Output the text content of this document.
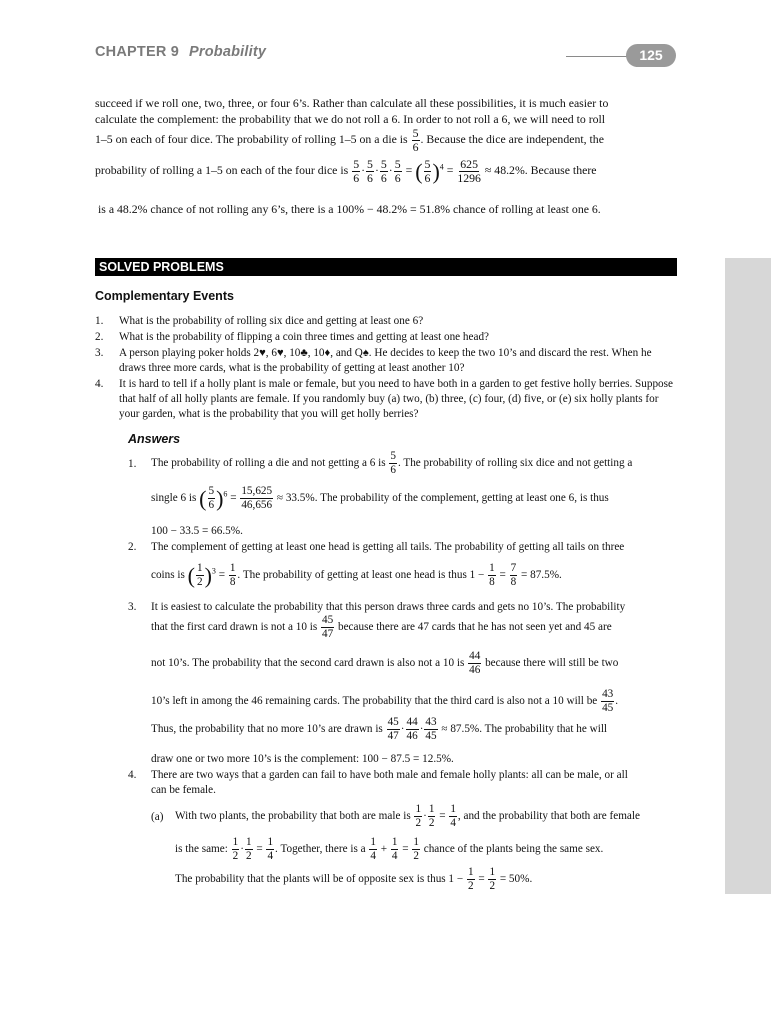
CHAPTER 9 Probability	125
succeed if we roll one, two, three, or four 6’s. Rather than calculate all these possibilities, it is much easier to
calculate the complement: the probability that we do not roll a 6. In order to not roll a 6, we will need to roll
1–5 on each of four dice. The probability of rolling 1–5 on a die is $\frac{5}{6}$ . Because the dice are independent, the
probability of rolling a 1–5 on each of the four dice is $\frac{5}{6} \cdot \frac{5}{6} \cdot \frac{5}{6} \cdot \frac{5}{6}$ = ( $\frac{5}{6} )^4 = \frac{625}{1296} \approx 48.2\%$. Because there
is a 48.2% chance of not rolling any 6’s, there is a 100% − 48.2% = 51.8% chance of rolling at least one 6.
SOLVED PROBLEMS
Complementary Events
1. What is the probability of rolling six dice and getting at least one 6?
2. What is the probability of flipping a coin three times and getting at least one head?
3. A person playing poker holds 2♥, 6♥, 10♣, 10♦, and Q♠. He decides to keep the two 10’s and discard the rest. When he draws three more cards, what is the probability of getting at least another 10?
4. It is hard to tell if a holly plant is male or female, but you need to have both in a garden to get festive holly berries. Suppose that half of all holly plants are female. If you randomly buy (a) two, (b) three, (c) four, (d) five, or (e) six holly plants for your garden, what is the probability that you will get holly berries?
Answers
1. The probability of rolling a die and not getting a 6 is $\frac{5}{6}$ . The probability of rolling six dice and not getting a
single 6 is ( $\frac{5}{6} )^6 = \frac{15,625}{46,656} \approx 33.5\%$. The probability of the complement, getting at least one 6, is thus
100 − 33.5 = 66.5%.
2. The complement of getting at least one head is getting all tails. The probability of getting all tails on three
coins is ( $\frac{1}{2} )^3 = \frac{1}{8}$ . The probability of getting at least one head is thus $1 - \frac{1}{8} = \frac{7}{8} = 87.5\%$.
3. It is easiest to calculate the probability that this person draws three cards and gets no 10’s. The probability
that the first card drawn is not a 10 is $\frac{45}{47}$ because there are 47 cards that he has not seen yet and 45 are
not 10’s. The probability that the second card drawn is also not a 10 is $\frac{44}{46}$ because there will still be two
10’s left in among the 46 remaining cards. The probability that the third card is also not a 10 will be $\frac{43}{45}$ .
Thus, the probability that no more 10’s are drawn is $\frac{45}{47} \cdot \frac{44}{46} \cdot \frac{43}{45} \approx 87.5\%$. The probability that he will
draw one or two more 10’s is the complement: 100 − 87.5 = 12.5%.
4. There are two ways that a garden can fail to have both male and female holly plants: all can be male, or all
can be female.
(a) With two plants, the probability that both are male is $\frac{1}{2} \cdot \frac{1}{2} = \frac{1}{4}$ , and the probability that both are female
is the same: $\frac{1}{2} \cdot \frac{1}{2} = \frac{1}{4}$ . Together, there is a $\frac{1}{4} + \frac{1}{4} = \frac{1}{2}$ chance of the plants being the same sex.
The probability that the plants will be of opposite sex is thus $1 - \frac{1}{2} = \frac{1}{2} = 50\%$.
